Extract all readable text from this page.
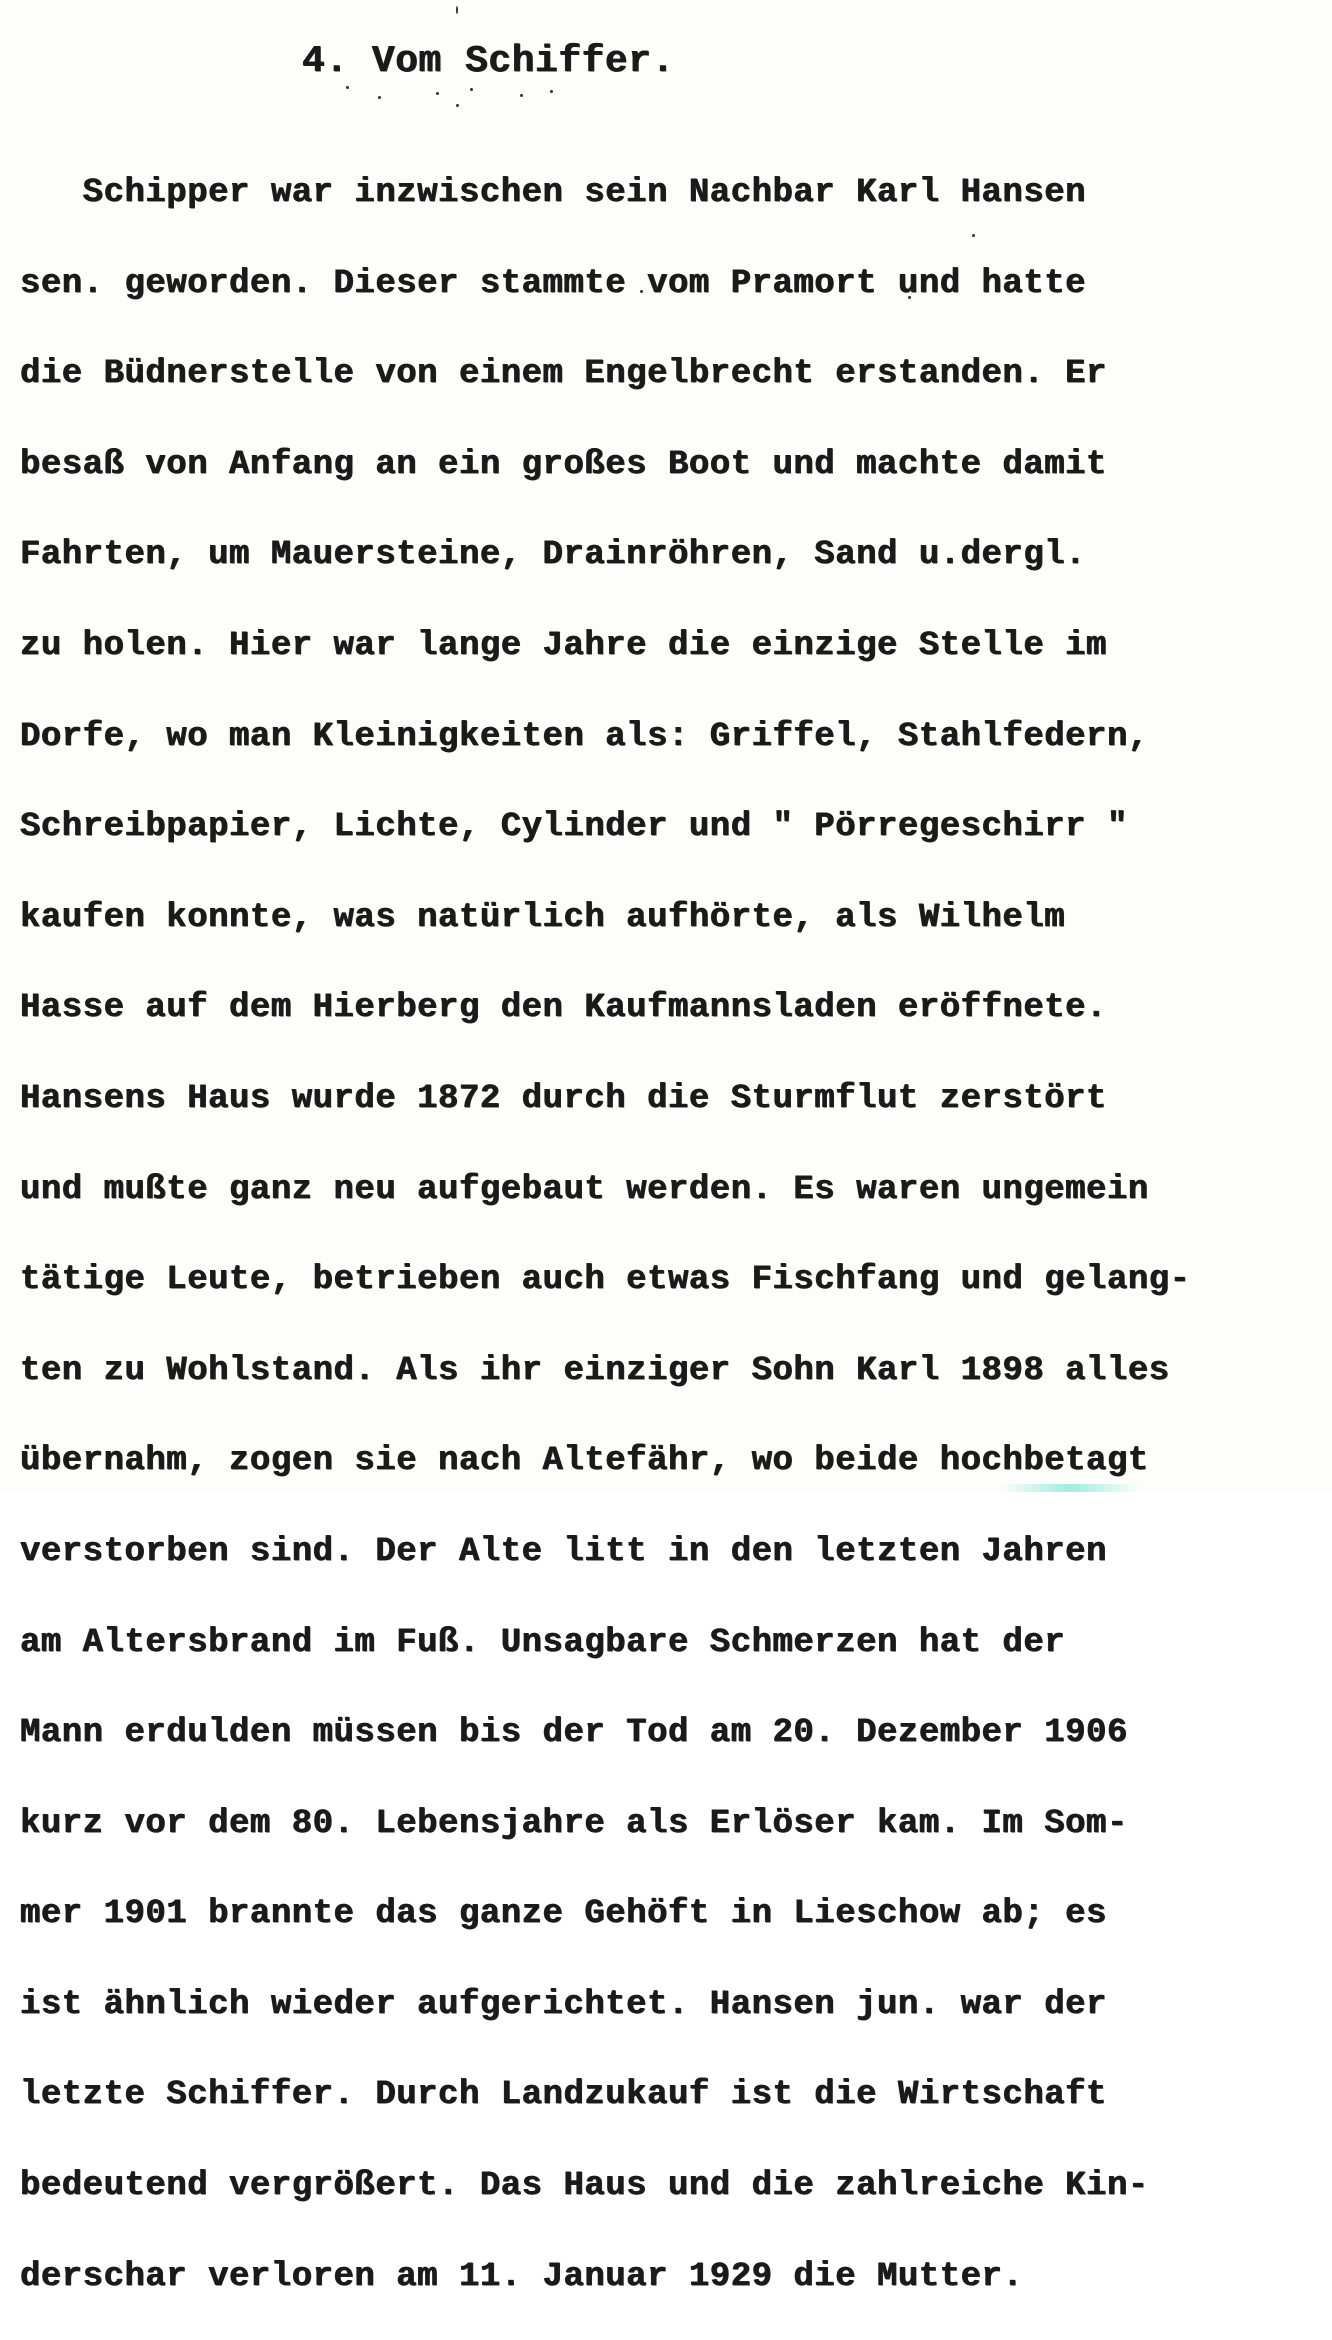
4. Vom Schiffer.

Schipper war inzwischen sein Nachbar Karl Hansen

sen. geworden. Dieser stammte vom Pramort und hatte

die Büdnerstelle von einem Engelbrecht erstanden. Er

besaß von Anfang an ein großes Boot und machte damit

Fahrten, um Mauersteine, Drainröhren, Sand u.dergl.

zu holen. Hier war lange Jahre die einzige Stelle im

Dorfe, wo man Kleinigkeiten als: Griffel, Stahlfedern,

Schreibpapier, Lichte, Cylinder und " Pörregeschirr "

kaufen konnte, was natürlich aufhörte, als Wilhelm

Hasse auf dem Hierberg den Kaufmannsladen eröffnete.

Hansens Haus wurde 1872 durch die Sturmflut zerstört

und mußte ganz neu aufgebaut werden. Es waren ungemein

tätige Leute, betrieben auch etwas Fischfang und gelang-

ten zu Wohlstand. Als ihr einziger Sohn Karl 1898 alles

übernahm, zogen sie nach Altefähr, wo beide hochbetagt

verstorben sind. Der Alte litt in den letzten Jahren

am Altersbrand im Fuß. Unsagbare Schmerzen hat der

Mann erdulden müssen bis der Tod am 20. Dezember 1906

kurz vor dem 80. Lebensjahre als Erlöser kam. Im Som-

mer 1901 brannte das ganze Gehöft in Lieschow ab; es

ist ähnlich wieder aufgerichtet. Hansen jun. war der

letzte Schiffer. Durch Landzukauf ist die Wirtschaft

bedeutend vergrößert. Das Haus und die zahlreiche Kin-

derschar verloren am 11. Januar 1929 die Mutter.
